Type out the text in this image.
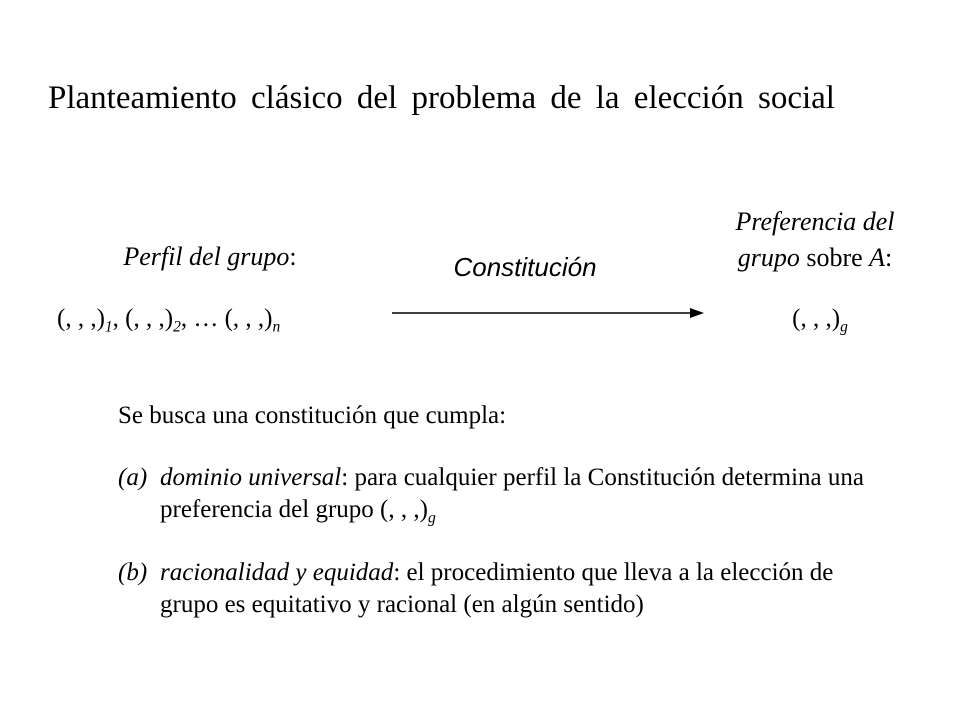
Planteamiento clásico del problema de la elección social
Perfil del grupo:
(, , $,)_1$, (, , $,)_2$, … (, , $,)_n$
Constitución
Preferencia del
grupo sobre A:
(, , $,)_g$
Se busca una constitución que cumpla:
(a) dominio universal: para cualquier perfil la Constitución determina una preferencia del grupo (, , $,)_g$
(b) racionalidad y equidad: el procedimiento que lleva a la elección de grupo es equitativo y racional (en algún sentido)
